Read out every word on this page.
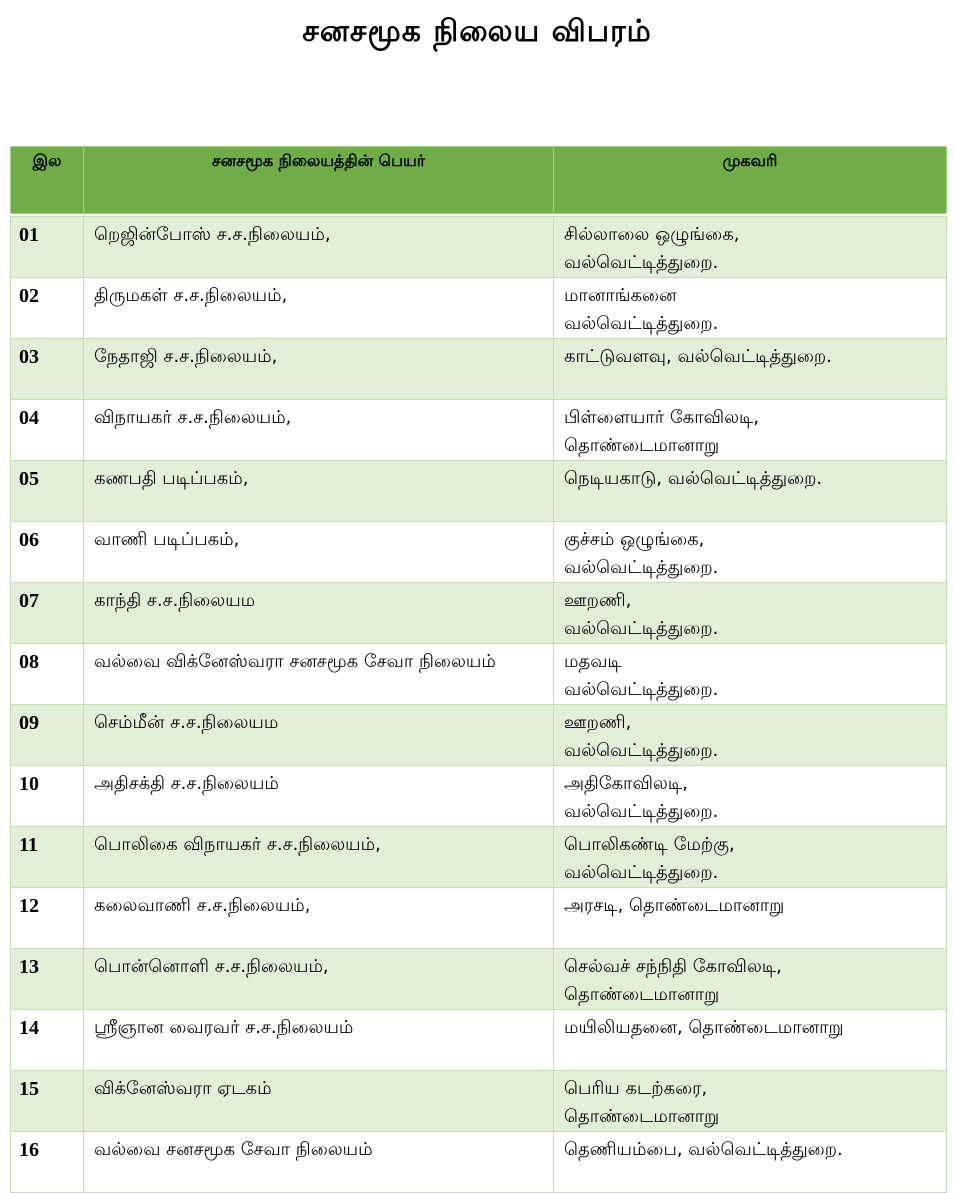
சனசமூக நிலைய விபரம்
இல	சனசமூக நிலையத்தின் பெயர்	முகவரி

01	றெஜின்போஸ் ச.ச.நிலையம்,	சில்லாலை ஒழுங்கை,
வல்வெட்டித்துறை.

02	திருமகள் ச.ச.நிலையம்,	மானாங்கனை
வல்வெட்டித்துறை.

03	நேதாஜி ச.ச.நிலையம்,	காட்டுவளவு, வல்வெட்டித்துறை.

04	விநாயகர் ச.ச.நிலையம்,	பிள்ளையார் கோவிலடி,
தொண்டைமானாறு

05	கணபதி படிப்பகம்,	நெடியகாடு, வல்வெட்டித்துறை.

06	வாணி படிப்பகம்,	குச்சம் ஒழுங்கை,
வல்வெட்டித்துறை.

07	காந்தி ச.ச.நிலையம	ஊறணி,
வல்வெட்டித்துறை.

08	வல்வை விக்னேஸ்வரா சனசமூக சேவா நிலையம்	மதவடி
வல்வெட்டித்துறை.

09	செம்மீன் ச.ச.நிலையம	ஊறணி,
வல்வெட்டித்துறை.

10	அதிசக்தி ச.ச.நிலையம்	அதிகோவிலடி,
வல்வெட்டித்துறை.

11	பொலிகை விநாயகர் ச.ச.நிலையம்,	பொலிகண்டி மேற்கு,
வல்வெட்டித்துறை.

12	கலைவாணி ச.ச.நிலையம்,	அரசடி, தொண்டைமானாறு

13	பொன்னொளி ச.ச.நிலையம்,	செல்வச் சந்நிதி கோவிலடி,
தொண்டைமானாறு

14	ஸ்ரீஞான வைரவர் ச.ச.நிலையம்	மயிலியதனை, தொண்டைமானாறு

15	விக்னேஸ்வரா ஏடகம்	பெரிய கடற்கரை,
தொண்டைமானாறு

16	வல்வை சனசமூக சேவா நிலையம்	தெணியம்பை, வல்வெட்டித்துறை.
